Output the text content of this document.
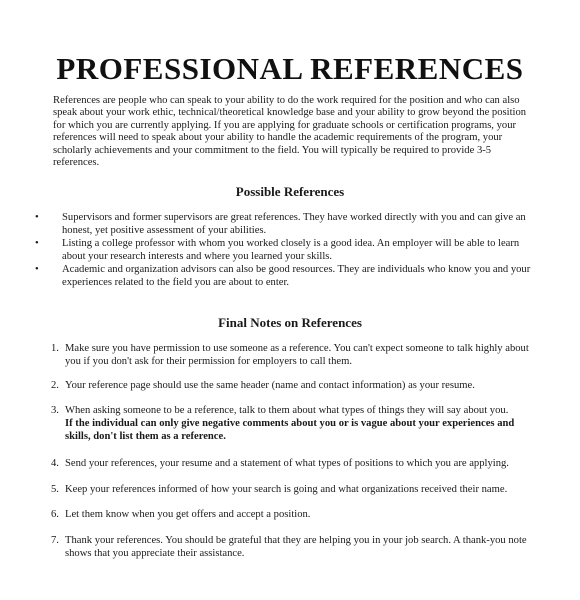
PROFESSIONAL REFERENCES

References are people who can speak to your ability to do the work required for the position and who can also speak about your work ethic, technical/theoretical knowledge base and your ability to grow beyond the position for which you are currently applying. If you are applying for graduate schools or certification programs, your references will need to speak about your ability to handle the academic requirements of the program, your scholarly achievements and your commitment to the field. You will typically be required to provide 3-5 references.

Possible References
•	Supervisors and former supervisors are great references. They have worked directly with you and can give an honest, yet positive assessment of your abilities.
•	Listing a college professor with whom you worked closely is a good idea. An employer will be able to learn about your research interests and where you learned your skills.
•	Academic and organization advisors can also be good resources. They are individuals who know you and your experiences related to the field you are about to enter.
Final Notes on References
1. Make sure you have permission to use someone as a reference. You can't expect someone to talk highly about you if you don't ask for their permission for employers to call them.
2. Your reference page should use the same header (name and contact information) as your resume.
3. When asking someone to be a reference, talk to them about what types of things they will say about you.
If the individual can only give negative comments about you or is vague about your experiences and skills, don't list them as a reference.
4. Send your references, your resume and a statement of what types of positions to which you are applying.
5. Keep your references informed of how your search is going and what organizations received their name.
6. Let them know when you get offers and accept a position.
7. Thank your references. You should be grateful that they are helping you in your job search. A thank-you note shows that you appreciate their assistance.
